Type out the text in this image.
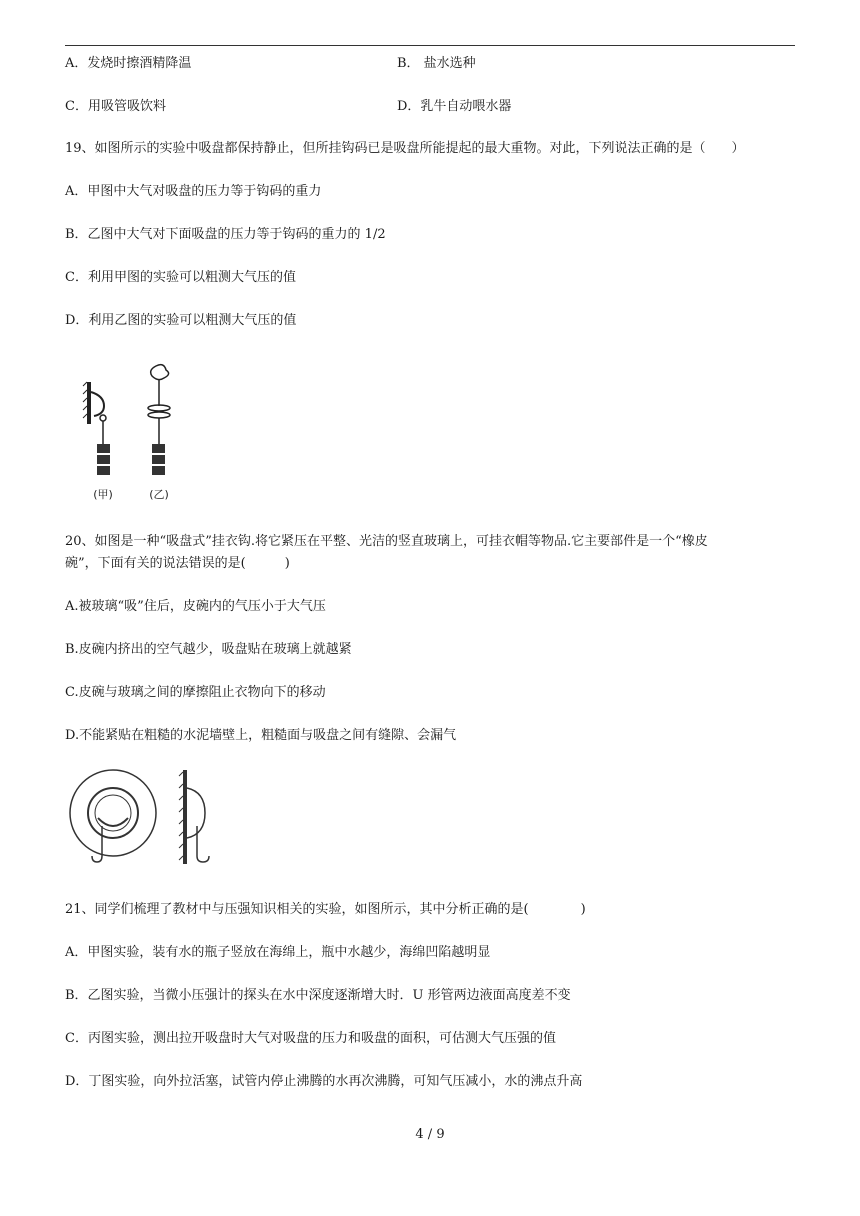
A．发烧时擦酒精降温	B． 盐水选种
C．用吸管吸饮料	D．乳牛自动喂水器
19、如图所示的实验中吸盘都保持静止，但所挂钩码已是吸盘所能提起的最大重物。对此，下列说法正确的是（　　）
A．甲图中大气对吸盘的压力等于钩码的重力
B．乙图中大气对下面吸盘的压力等于钩码的重力的 1/2
C．利用甲图的实验可以粗测大气压的值
D．利用乙图的实验可以粗测大气压的值
(甲)	(乙)
20、如图是一种“吸盘式”挂衣钩.将它紧压在平整、光洁的竖直玻璃上，可挂衣帽等物品.它主要部件是一个“橡皮
碗”，下面有关的说法错误的是(　　　)
A.被玻璃“吸”住后，皮碗内的气压小于大气压
B.皮碗内挤出的空气越少，吸盘贴在玻璃上就越紧
C.皮碗与玻璃之间的摩擦阻止衣物向下的移动
D.不能紧贴在粗糙的水泥墙壁上，粗糙面与吸盘之间有缝隙、会漏气
21、同学们梳理了教材中与压强知识相关的实验，如图所示，其中分析正确的是(　　　　)
A．甲图实验，装有水的瓶子竖放在海绵上，瓶中水越少，海绵凹陷越明显
B．乙图实验，当微小压强计的探头在水中深度逐渐增大时．U 形管两边液面高度差不变
C．丙图实验，测出拉开吸盘时大气对吸盘的压力和吸盘的面积，可估测大气压强的值
D．丁图实验，向外拉活塞，试管内停止沸腾的水再次沸腾，可知气压减小，水的沸点升高
4 / 9
